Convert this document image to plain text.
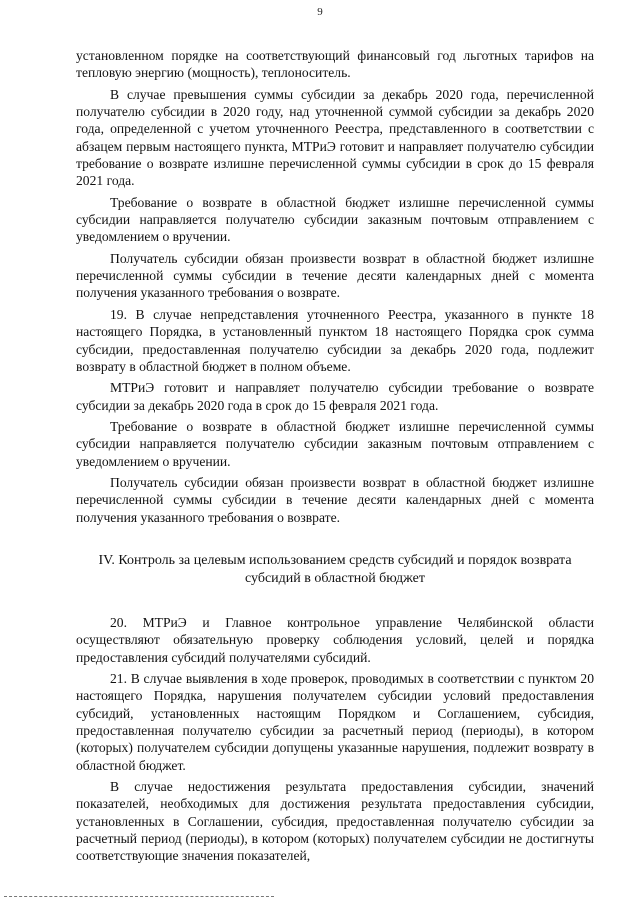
9

установленном порядке на соответствующий финансовый год льготных тарифов на тепловую энергию (мощность), теплоноситель.

В случае превышения суммы субсидии за декабрь 2020 года, перечисленной получателю субсидии в 2020 году, над уточненной суммой субсидии за декабрь 2020 года, определенной с учетом уточненного Реестра, представленного в соответствии с абзацем первым настоящего пункта, МТРиЭ готовит и направляет получателю субсидии требование о возврате излишне перечисленной суммы субсидии в срок до 15 февраля 2021 года.

Требование о возврате в областной бюджет излишне перечисленной суммы субсидии направляется получателю субсидии заказным почтовым отправлением с уведомлением о вручении.

Получатель субсидии обязан произвести возврат в областной бюджет излишне перечисленной суммы субсидии в течение десяти календарных дней с момента получения указанного требования о возврате.

19. В случае непредставления уточненного Реестра, указанного в пункте 18 настоящего Порядка, в установленный пунктом 18 настоящего Порядка срок сумма субсидии, предоставленная получателю субсидии за декабрь 2020 года, подлежит возврату в областной бюджет в полном объеме.

МТРиЭ готовит и направляет получателю субсидии требование о возврате субсидии за декабрь 2020 года в срок до 15 февраля 2021 года.

Требование о возврате в областной бюджет излишне перечисленной суммы субсидии направляется получателю субсидии заказным почтовым отправлением с уведомлением о вручении.

Получатель субсидии обязан произвести возврат в областной бюджет излишне перечисленной суммы субсидии в течение десяти календарных дней с момента получения указанного требования о возврате.

IV. Контроль за целевым использованием средств субсидий и порядок возврата субсидий в областной бюджет

20. МТРиЭ и Главное контрольное управление Челябинской области осуществляют обязательную проверку соблюдения условий, целей и порядка предоставления субсидий получателями субсидий.

21. В случае выявления в ходе проверок, проводимых в соответствии с пунктом 20 настоящего Порядка, нарушения получателем субсидии условий предоставления субсидий, установленных настоящим Порядком и Соглашением, субсидия, предоставленная получателю субсидии за расчетный период (периоды), в котором (которых) получателем субсидии допущены указанные нарушения, подлежит возврату в областной бюджет.

В случае недостижения результата предоставления субсидии, значений показателей, необходимых для достижения результата предоставления субсидии, установленных в Соглашении, субсидия, предоставленная получателю субсидии за расчетный период (периоды), в котором (которых) получателем субсидии не достигнуты соответствующие значения показателей,
